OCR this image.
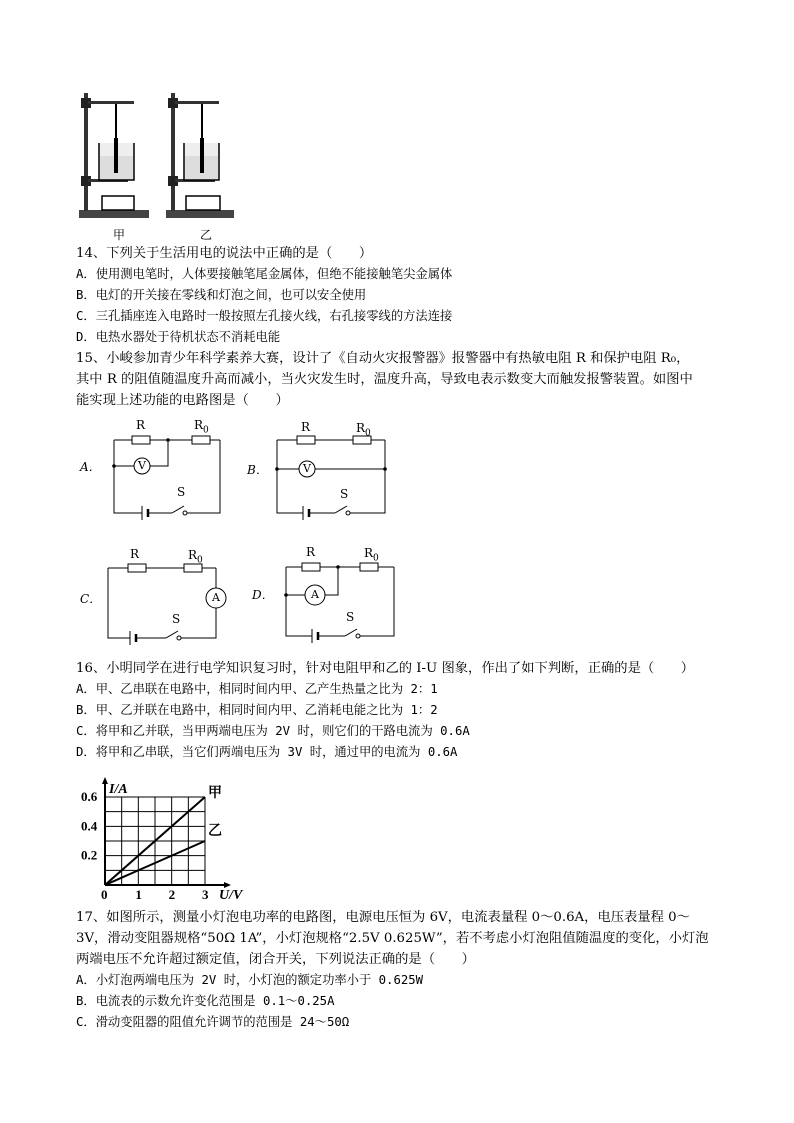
甲	乙
14、下列关于生活用电的说法中正确的是（　　）
A．使用测电笔时，人体要接触笔尾金属体，但绝不能接触笔尖金属体
B．电灯的开关接在零线和灯泡之间，也可以安全使用
C．三孔插座连入电路时一般按照左孔接火线，右孔接零线的方法连接
D．电热水器处于待机状态不消耗电能
15、小峻参加青少年科学素养大赛，设计了《自动火灾报警器》报警器中有热敏电阻 R 和保护电阻 R₀，
其中 R 的阻值随温度升高而减小，当火灾发生时，温度升高，导致电表示数变大而触发报警装置。如图中
能实现上述功能的电路图是（　　）
A．
R	$R_0$
V
S
B．
R	$R_0$
V
S
C．
R	$R_0$
A
S
D．
R	$R_0$
A
S
16、小明同学在进行电学知识复习时，针对电阻甲和乙的 I-U 图象，作出了如下判断，正确的是（　　）
A．甲、乙串联在电路中，相同时间内甲、乙产生热量之比为 2：1
B．甲、乙并联在电路中，相同时间内甲、乙消耗电能之比为 1：2
C．将甲和乙并联，当甲两端电压为 2V 时，则它们的干路电流为 0.6A
D．将甲和乙串联，当它们两端电压为 3V 时，通过甲的电流为 0.6A
甲
乙
0 1 2 3
0.2
0.4
0.6 I/A
U/V
17、如图所示，测量小灯泡电功率的电路图，电源电压恒为 6V，电流表量程 0～0.6A，电压表量程 0～
3V，滑动变阻器规格“50Ω 1A”，小灯泡规格“2.5V 0.625W”，若不考虑小灯泡阻值随温度的变化，小灯泡
两端电压不允许超过额定值，闭合开关，下列说法正确的是（　　）
A．小灯泡两端电压为 2V 时，小灯泡的额定功率小于 0.625W
B．电流表的示数允许变化范围是 0.1～0.25A
C．滑动变阻器的阻值允许调节的范围是 24～50Ω
